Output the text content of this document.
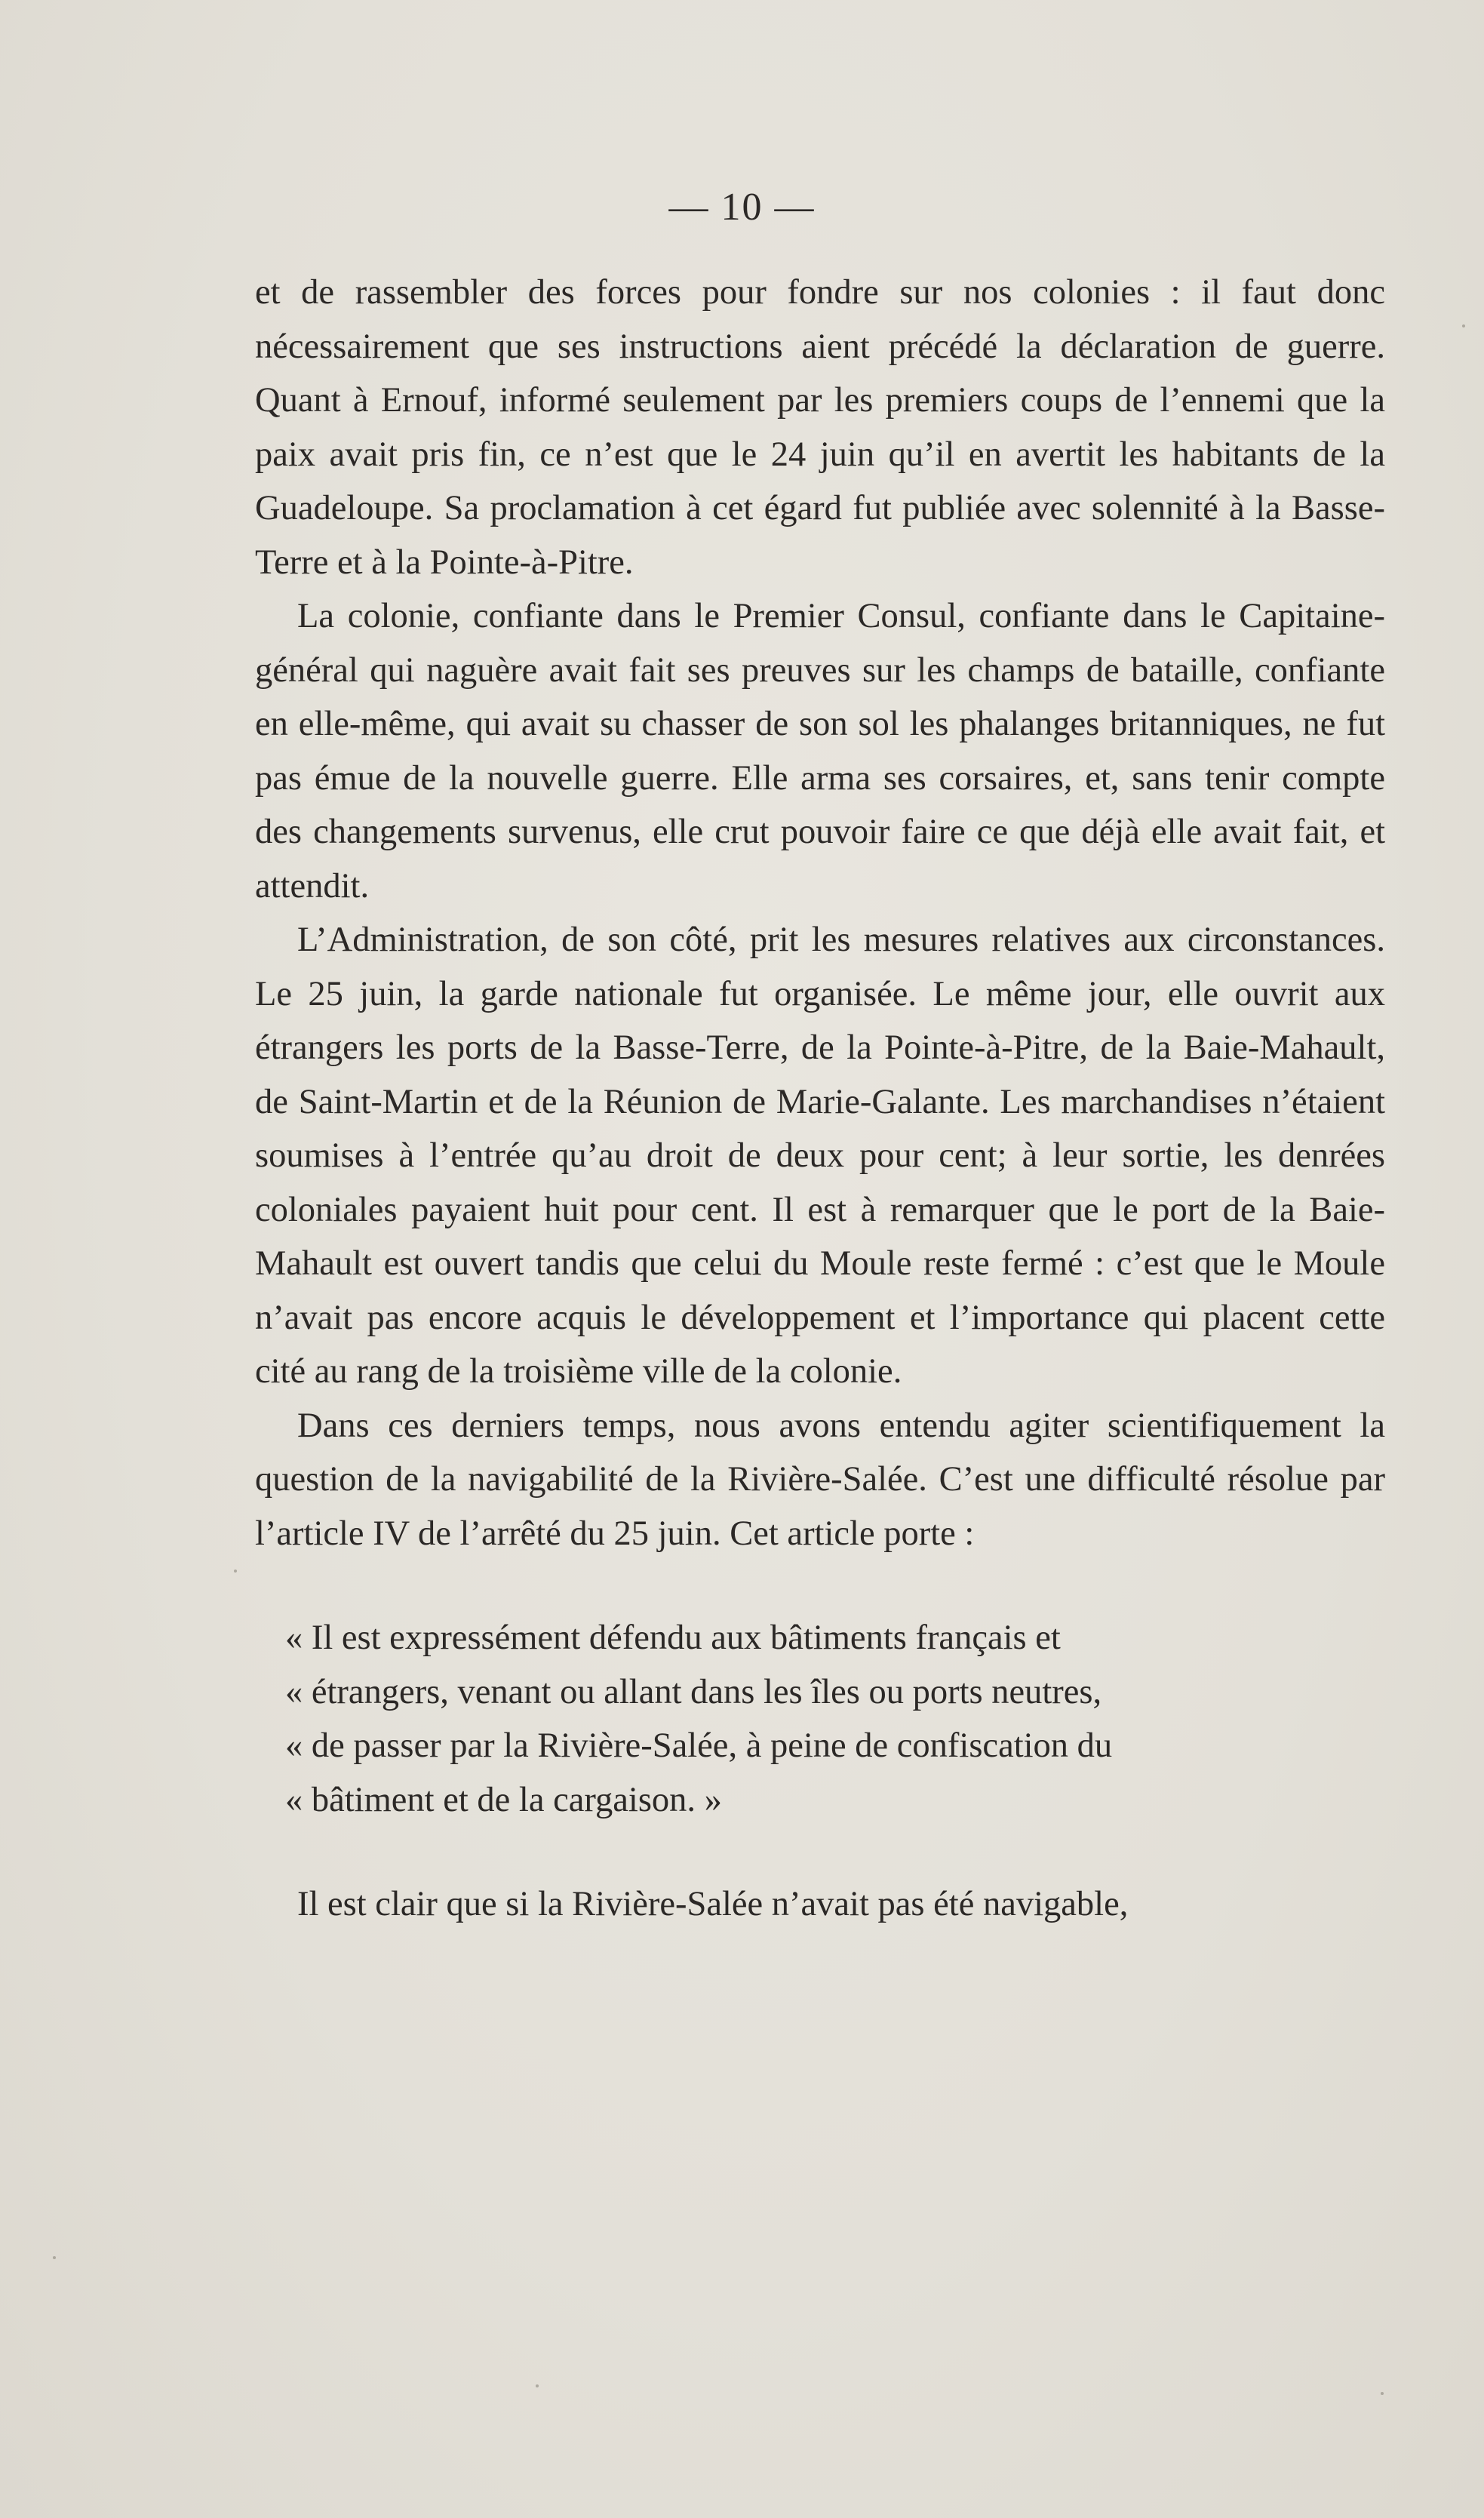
— 10 —

et de rassembler des forces pour fondre sur nos colonies : il faut donc nécessairement que ses instructions aient précédé la déclaration de guerre. Quant à Ernouf, informé seulement par les premiers coups de l’ennemi que la paix avait pris fin, ce n’est que le 24 juin qu’il en avertit les habitants de la Guadeloupe. Sa proclamation à cet égard fut publiée avec solennité à la Basse-Terre et à la Pointe-à-Pitre.

La colonie, confiante dans le Premier Consul, confiante dans le Capitaine-général qui naguère avait fait ses preuves sur les champs de bataille, confiante en elle-même, qui avait su chasser de son sol les phalanges britanniques, ne fut pas émue de la nouvelle guerre. Elle arma ses corsaires, et, sans tenir compte des changements survenus, elle crut pouvoir faire ce que déjà elle avait fait, et attendit.

L’Administration, de son côté, prit les mesures relatives aux circonstances. Le 25 juin, la garde nationale fut organisée. Le même jour, elle ouvrit aux étrangers les ports de la Basse-Terre, de la Pointe-à-Pitre, de la Baie-Mahault, de Saint-Martin et de la Réunion de Marie-Galante. Les marchandises n’étaient soumises à l’entrée qu’au droit de deux pour cent; à leur sortie, les denrées coloniales payaient huit pour cent. Il est à remarquer que le port de la Baie-Mahault est ouvert tandis que celui du Moule reste fermé : c’est que le Moule n’avait pas encore acquis le développement et l’importance qui placent cette cité au rang de la troisième ville de la colonie.

Dans ces derniers temps, nous avons entendu agiter scientifiquement la question de la navigabilité de la Rivière-Salée. C’est une difficulté résolue par l’article IV de l’arrêté du 25 juin. Cet article porte :

« Il est expressément défendu aux bâtiments français et
« étrangers, venant ou allant dans les îles ou ports neutres,
« de passer par la Rivière-Salée, à peine de confiscation du
« bâtiment et de la cargaison. »

Il est clair que si la Rivière-Salée n’avait pas été navigable,
